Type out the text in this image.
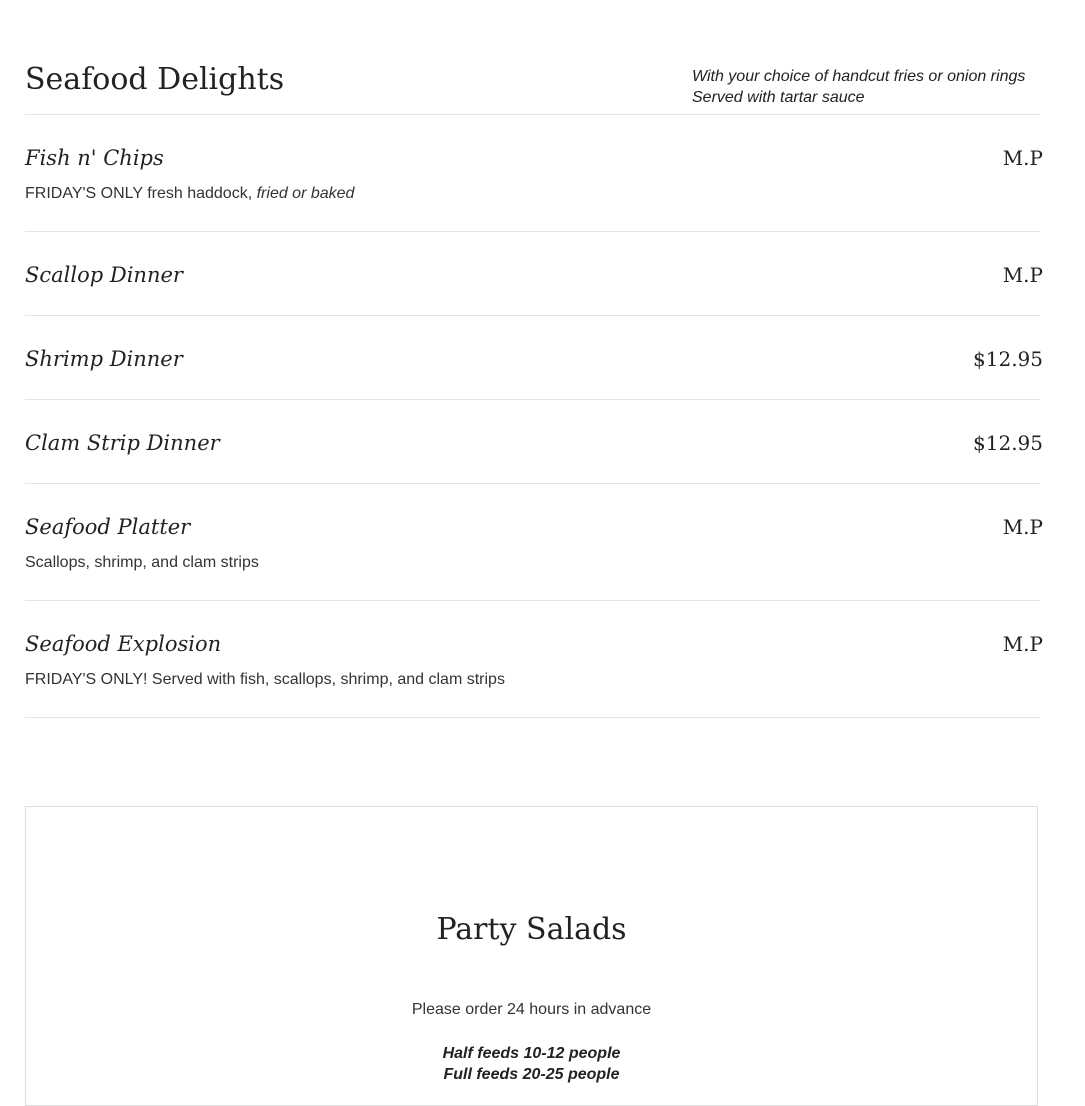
Seafood Delights	With your choice of handcut fries or onion rings
Served with tartar sauce
Fish n' Chips	M.P
FRIDAY'S ONLY fresh haddock, fried or baked
Scallop Dinner	M.P
Shrimp Dinner	$12.95
Clam Strip Dinner	$12.95
Seafood Platter	M.P
Scallops, shrimp, and clam strips
Seafood Explosion	M.P
FRIDAY'S ONLY! Served with fish, scallops, shrimp, and clam strips
Party Salads
Please order 24 hours in advance
Half feeds 10-12 people
Full feeds 20-25 people
